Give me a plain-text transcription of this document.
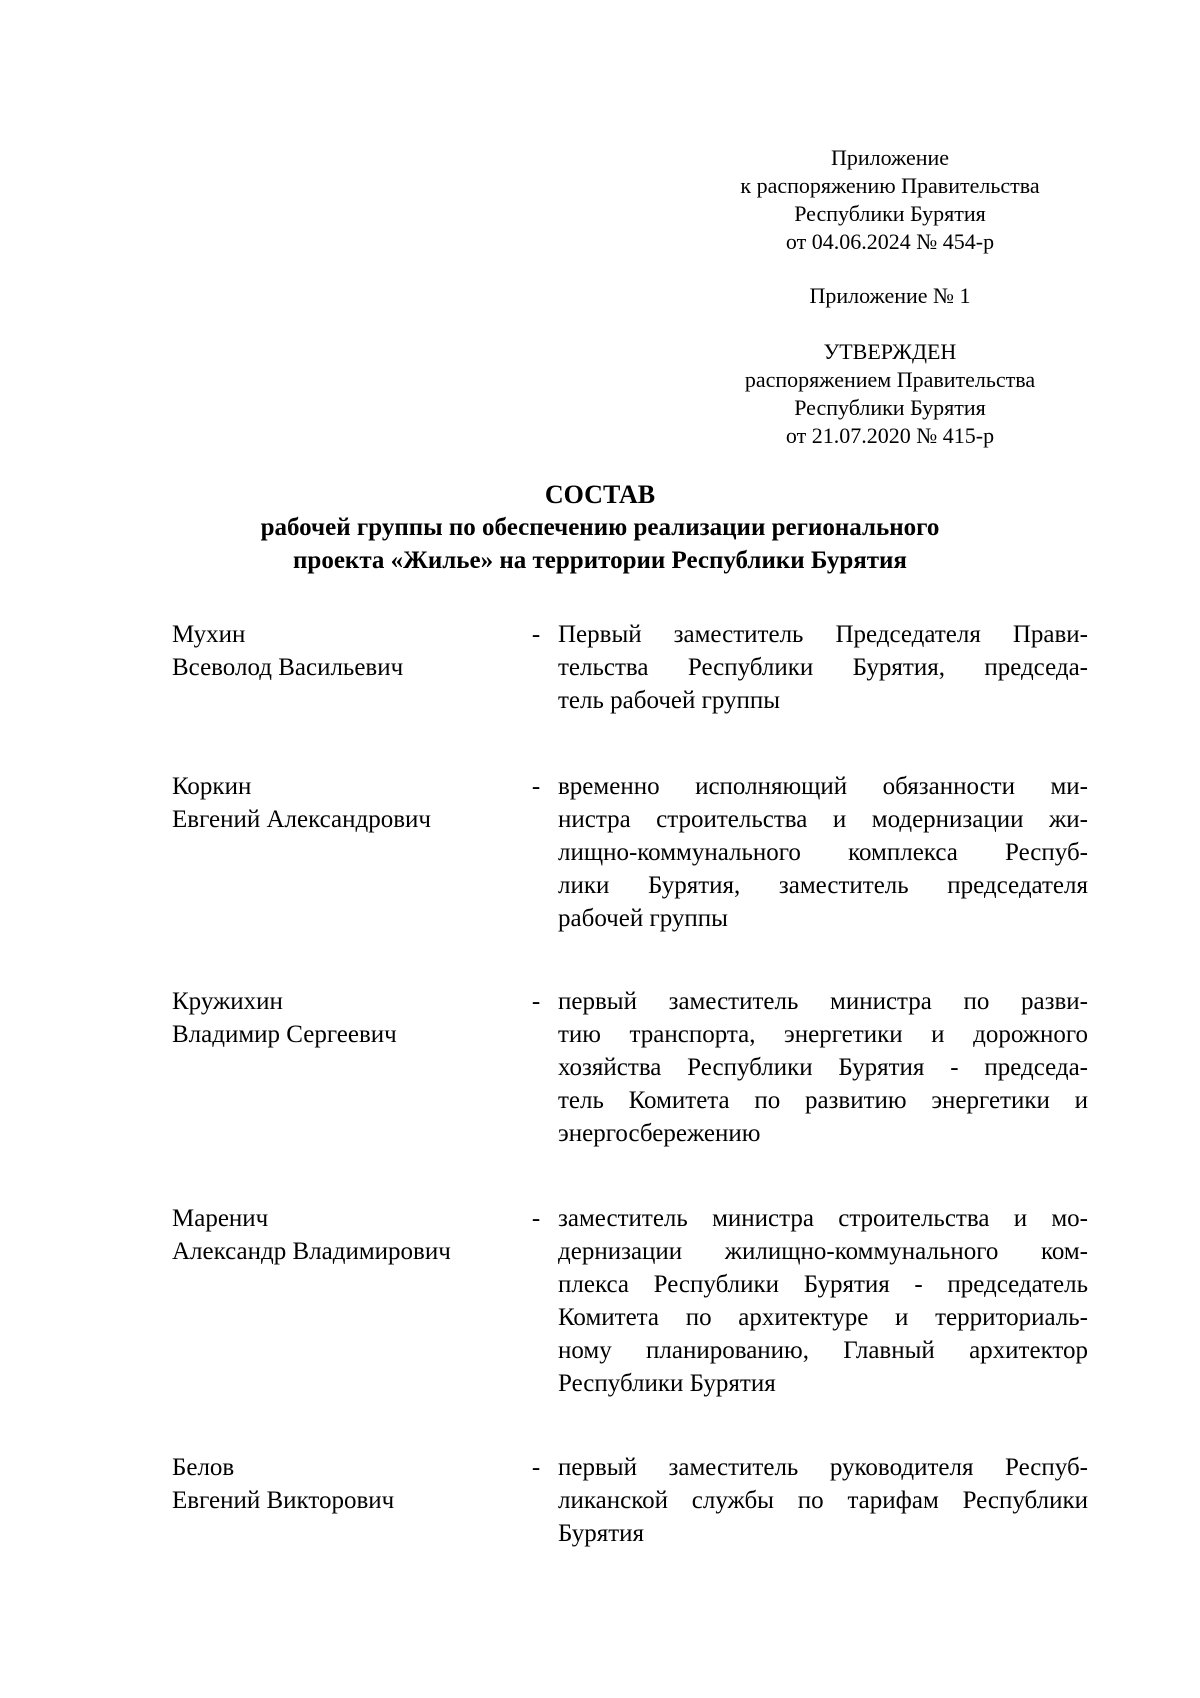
Приложение
к распоряжению Правительства
Республики Бурятия
от 04.06.2024 № 454-р
Приложение № 1
УТВЕРЖДЕН
распоряжением Правительства
Республики Бурятия
от 21.07.2020 № 415-р
СОСТАВ
рабочей группы по обеспечению реализации регионального
проекта «Жилье» на территории Республики Бурятия
Мухин
Всеволод Васильевич
- Первый заместитель Председателя Прави-
тельства Республики Бурятия, председа-
тель рабочей группы
Коркин
Евгений Александрович
- временно исполняющий обязанности ми-
нистра строительства и модернизации жи-
лищно-коммунального комплекса Респуб-
лики Бурятия, заместитель председателя
рабочей группы
Кружихин
Владимир Сергеевич
- первый заместитель министра по разви-
тию транспорта, энергетики и дорожного
хозяйства Республики Бурятия - председа-
тель Комитета по развитию энергетики и
энергосбережению
Маренич
Александр Владимирович
- заместитель министра строительства и мо-
дернизации жилищно-коммунального ком-
плекса Республики Бурятия - председатель
Комитета по архитектуре и территориаль-
ному планированию, Главный архитектор
Республики Бурятия
Белов
Евгений Викторович
- первый заместитель руководителя Респуб-
ликанской службы по тарифам Республики
Бурятия
